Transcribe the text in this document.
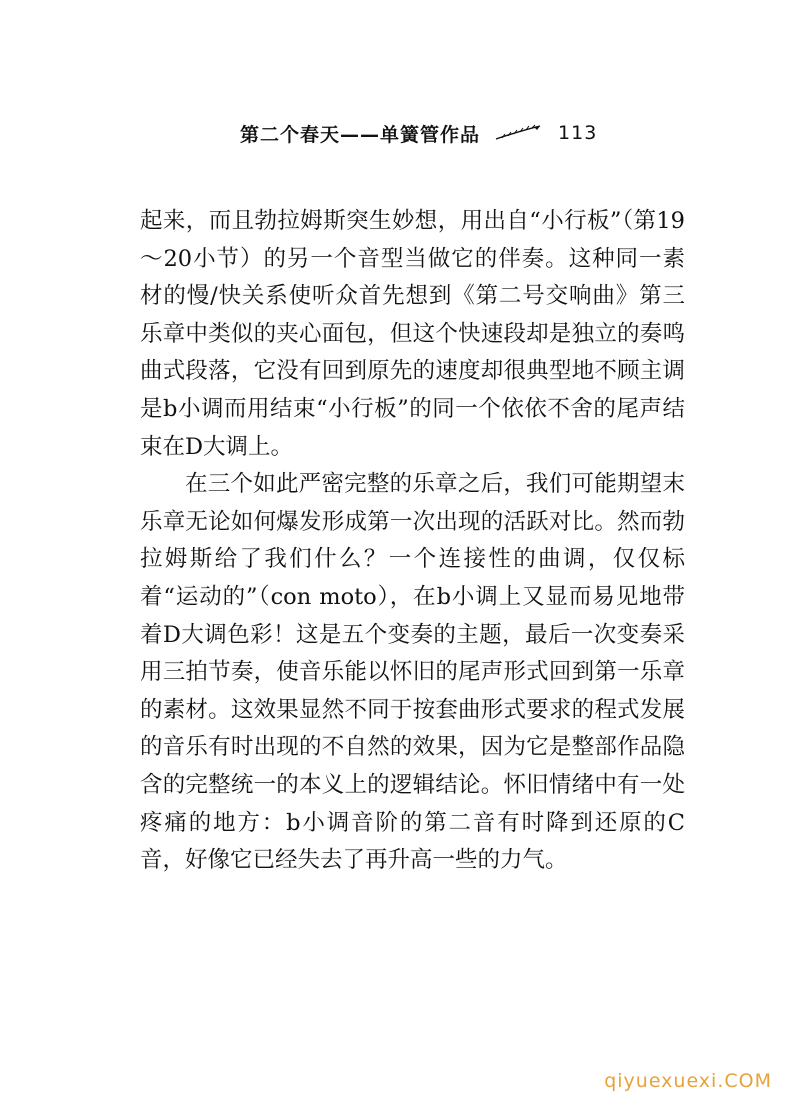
第二个春天——单簧管作品	113

起来，而且勃拉姆斯突生妙想，用出自“小行板”（第19～20小节）的另一个音型当做它的伴奏。这种同一素材的慢/快关系使听众首先想到《第二号交响曲》第三乐章中类似的夹心面包，但这个快速段却是独立的奏鸣曲式段落，它没有回到原先的速度却很典型地不顾主调是b小调而用结束“小行板”的同一个依依不舍的尾声结束在D大调上。

在三个如此严密完整的乐章之后，我们可能期望末乐章无论如何爆发形成第一次出现的活跃对比。然而勃拉姆斯给了我们什么？一个连接性的曲调，仅仅标着“运动的”（con moto），在b小调上又显而易见地带着D大调色彩！这是五个变奏的主题，最后一次变奏采用三拍节奏，使音乐能以怀旧的尾声形式回到第一乐章的素材。这效果显然不同于按套曲形式要求的程式发展的音乐有时出现的不自然的效果，因为它是整部作品隐含的完整统一的本义上的逻辑结论。怀旧情绪中有一处疼痛的地方：b小调音阶的第二音有时降到还原的C音，好像它已经失去了再升高一些的力气。

qiyuexuexi.COM
